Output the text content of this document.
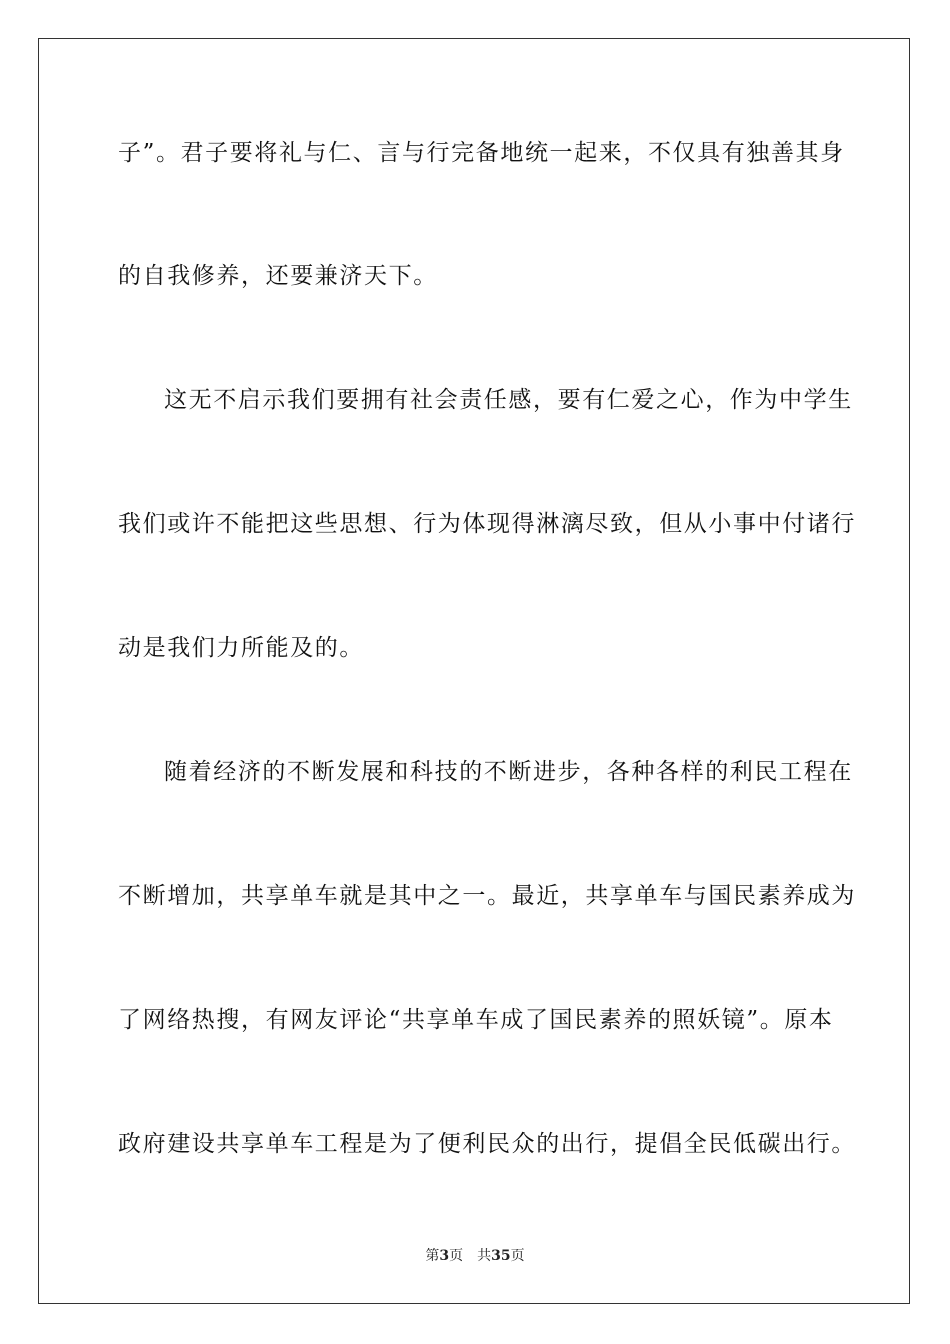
子”。君子要将礼与仁、言与行完备地统一起来，不仅具有独善其身
的自我修养，还要兼济天下。
这无不启示我们要拥有社会责任感，要有仁爱之心，作为中学生
我们或许不能把这些思想、行为体现得淋漓尽致，但从小事中付诸行
动是我们力所能及的。
随着经济的不断发展和科技的不断进步，各种各样的利民工程在
不断增加，共享单车就是其中之一。最近，共享单车与国民素养成为
了网络热搜，有网友评论“共享单车成了国民素养的照妖镜”。原本
政府建设共享单车工程是为了便利民众的出行，提倡全民低碳出行。
第3页 共35页
